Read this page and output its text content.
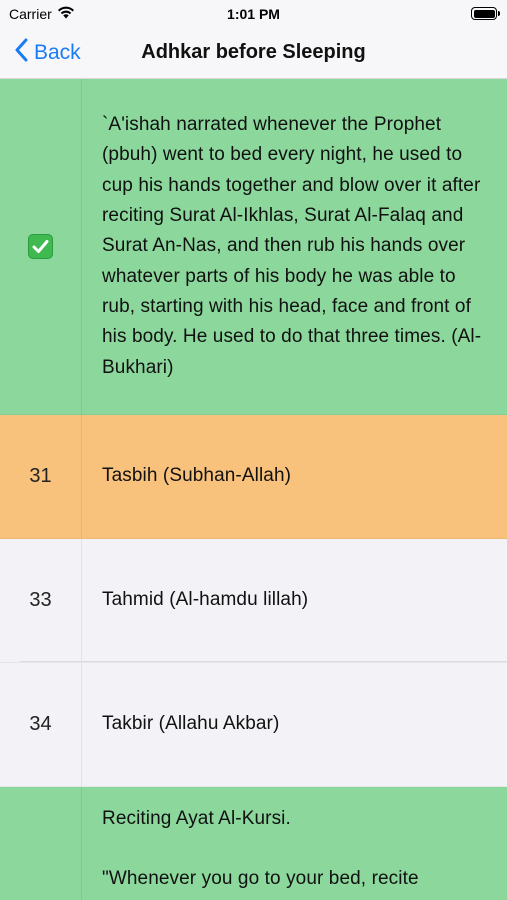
Carrier	1:01 PM
Back	Adhkar before Sleeping
`A'ishah narrated whenever the Prophet (pbuh) went to bed every night, he used to cup his hands together and blow over it after reciting Surat Al-Ikhlas, Surat Al-Falaq and Surat An-Nas, and then rub his hands over whatever parts of his body he was able to rub, starting with his head, face and front of his body. He used to do that three times. (Al-Bukhari)
31	Tasbih (Subhan-Allah)
33	Tahmid (Al-hamdu lillah)
34	Takbir (Allahu Akbar)
Reciting Ayat Al-Kursi.
"Whenever you go to your bed, recite
